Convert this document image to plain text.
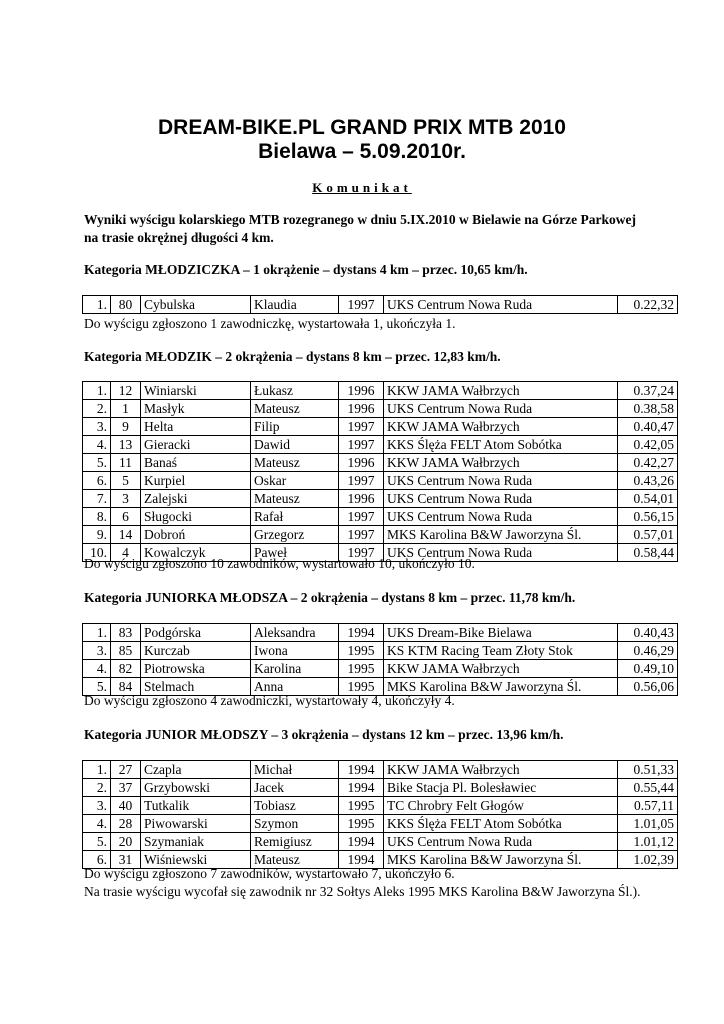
DREAM-BIKE.PL GRAND PRIX MTB 2010
Bielawa – 5.09.2010r.
Komunikat
Wyniki wyścigu kolarskiego MTB rozegranego w dniu 5.IX.2010 w Bielawie na Górze Parkowej na trasie okrężnej długości 4 km.
Kategoria MŁODZICZKA – 1 okrążenie – dystans 4 km – przec. 10,65 km/h.
1.	80	Cybulska	Klaudia	1997	UKS Centrum Nowa Ruda	0.22,32
Do wyścigu zgłoszono 1 zawodniczkę, wystartowała 1, ukończyła 1.
Kategoria MŁODZIK – 2 okrążenia – dystans 8 km – przec. 12,83 km/h.
1.	12	Winiarski	Łukasz	1996	KKW JAMA Wałbrzych	0.37,24
2.	1	Masłyk	Mateusz	1996	UKS Centrum Nowa Ruda	0.38,58
3.	9	Helta	Filip	1997	KKW JAMA Wałbrzych	0.40,47
4.	13	Gieracki	Dawid	1997	KKS Ślęża FELT Atom Sobótka	0.42,05
5.	11	Banaś	Mateusz	1996	KKW JAMA Wałbrzych	0.42,27
6.	5	Kurpiel	Oskar	1997	UKS Centrum Nowa Ruda	0.43,26
7.	3	Zalejski	Mateusz	1996	UKS Centrum Nowa Ruda	0.54,01
8.	6	Sługocki	Rafał	1997	UKS Centrum Nowa Ruda	0.56,15
9.	14	Dobroń	Grzegorz	1997	MKS Karolina B&W Jaworzyna Śl.	0.57,01
10.	4	Kowalczyk	Paweł	1997	UKS Centrum Nowa Ruda	0.58,44
Do wyścigu zgłoszono 10 zawodników, wystartowało 10, ukończyło 10.
Kategoria JUNIORKA MŁODSZA – 2 okrążenia – dystans 8 km – przec. 11,78 km/h.
1.	83	Podgórska	Aleksandra	1994	UKS Dream-Bike Bielawa	0.40,43
3.	85	Kurczab	Iwona	1995	KS KTM Racing Team Złoty Stok	0.46,29
4.	82	Piotrowska	Karolina	1995	KKW JAMA Wałbrzych	0.49,10
5.	84	Stelmach	Anna	1995	MKS Karolina B&W Jaworzyna Śl.	0.56,06
Do wyścigu zgłoszono 4 zawodniczki, wystartowały 4, ukończyły 4.
Kategoria JUNIOR MŁODSZY – 3 okrążenia – dystans 12 km – przec. 13,96 km/h.
1.	27	Czapla	Michał	1994	KKW JAMA Wałbrzych	0.51,33
2.	37	Grzybowski	Jacek	1994	Bike Stacja Pl. Bolesławiec	0.55,44
3.	40	Tutkalik	Tobiasz	1995	TC Chrobry Felt Głogów	0.57,11
4.	28	Piwowarski	Szymon	1995	KKS Ślęża FELT Atom Sobótka	1.01,05
5.	20	Szymaniak	Remigiusz	1994	UKS Centrum Nowa Ruda	1.01,12
6.	31	Wiśniewski	Mateusz	1994	MKS Karolina B&W Jaworzyna Śl.	1.02,39
Do wyścigu zgłoszono 7 zawodników, wystartowało 7, ukończyło 6.
Na trasie wyścigu wycofał się zawodnik nr 32 Sołtys Aleks 1995 MKS Karolina B&W Jaworzyna Śl.).
